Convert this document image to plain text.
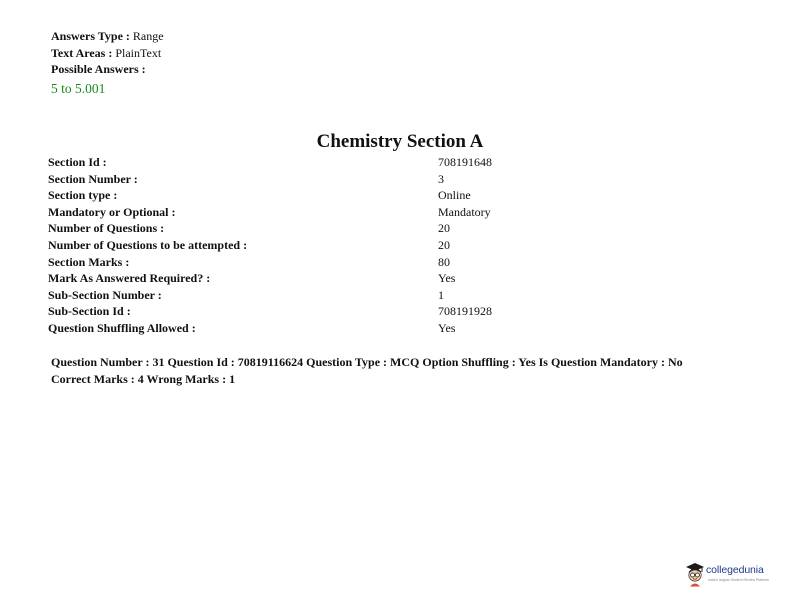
Answers Type : Range
Text Areas : PlainText
Possible Answers :
5 to 5.001
Chemistry Section A
Section Id :	708191648
Section Number :	3
Section type :	Online
Mandatory or Optional :	Mandatory
Number of Questions :	20
Number of Questions to be attempted :	20
Section Marks :	80
Mark As Answered Required? :	Yes
Sub-Section Number :	1
Sub-Section Id :	708191928
Question Shuffling Allowed :	Yes
Question Number : 31 Question Id : 70819116624 Question Type : MCQ Option Shuffling : Yes Is Question Mandatory : No
Correct Marks : 4 Wrong Marks : 1
collegedunia
India's largest Student Review Platform
